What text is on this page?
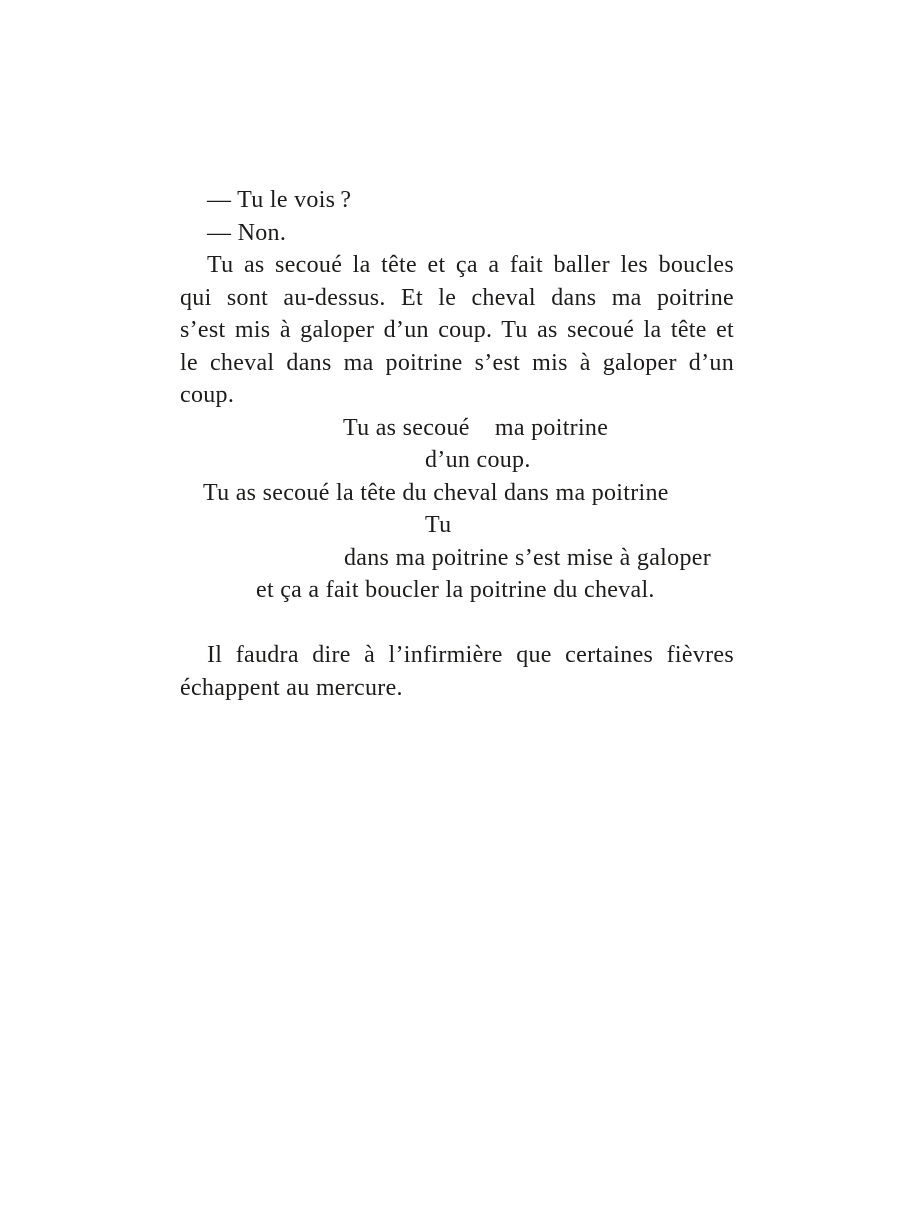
— Tu le vois ?
— Non.
Tu as secoué la tête et ça a fait baller les boucles
qui sont au-dessus. Et le cheval dans ma poitrine
s’est mis à galoper d’un coup. Tu as secoué la tête et
le cheval dans ma poitrine s’est mis à galoper d’un
coup.
Tu as secoué    ma poitrine
d’un coup.
Tu as secoué la tête du cheval dans ma poitrine
Tu
dans ma poitrine s’est mise à galoper
et ça a fait boucler la poitrine du cheval.
Il faudra dire à l’infirmière que certaines fièvres
échappent au mercure.
